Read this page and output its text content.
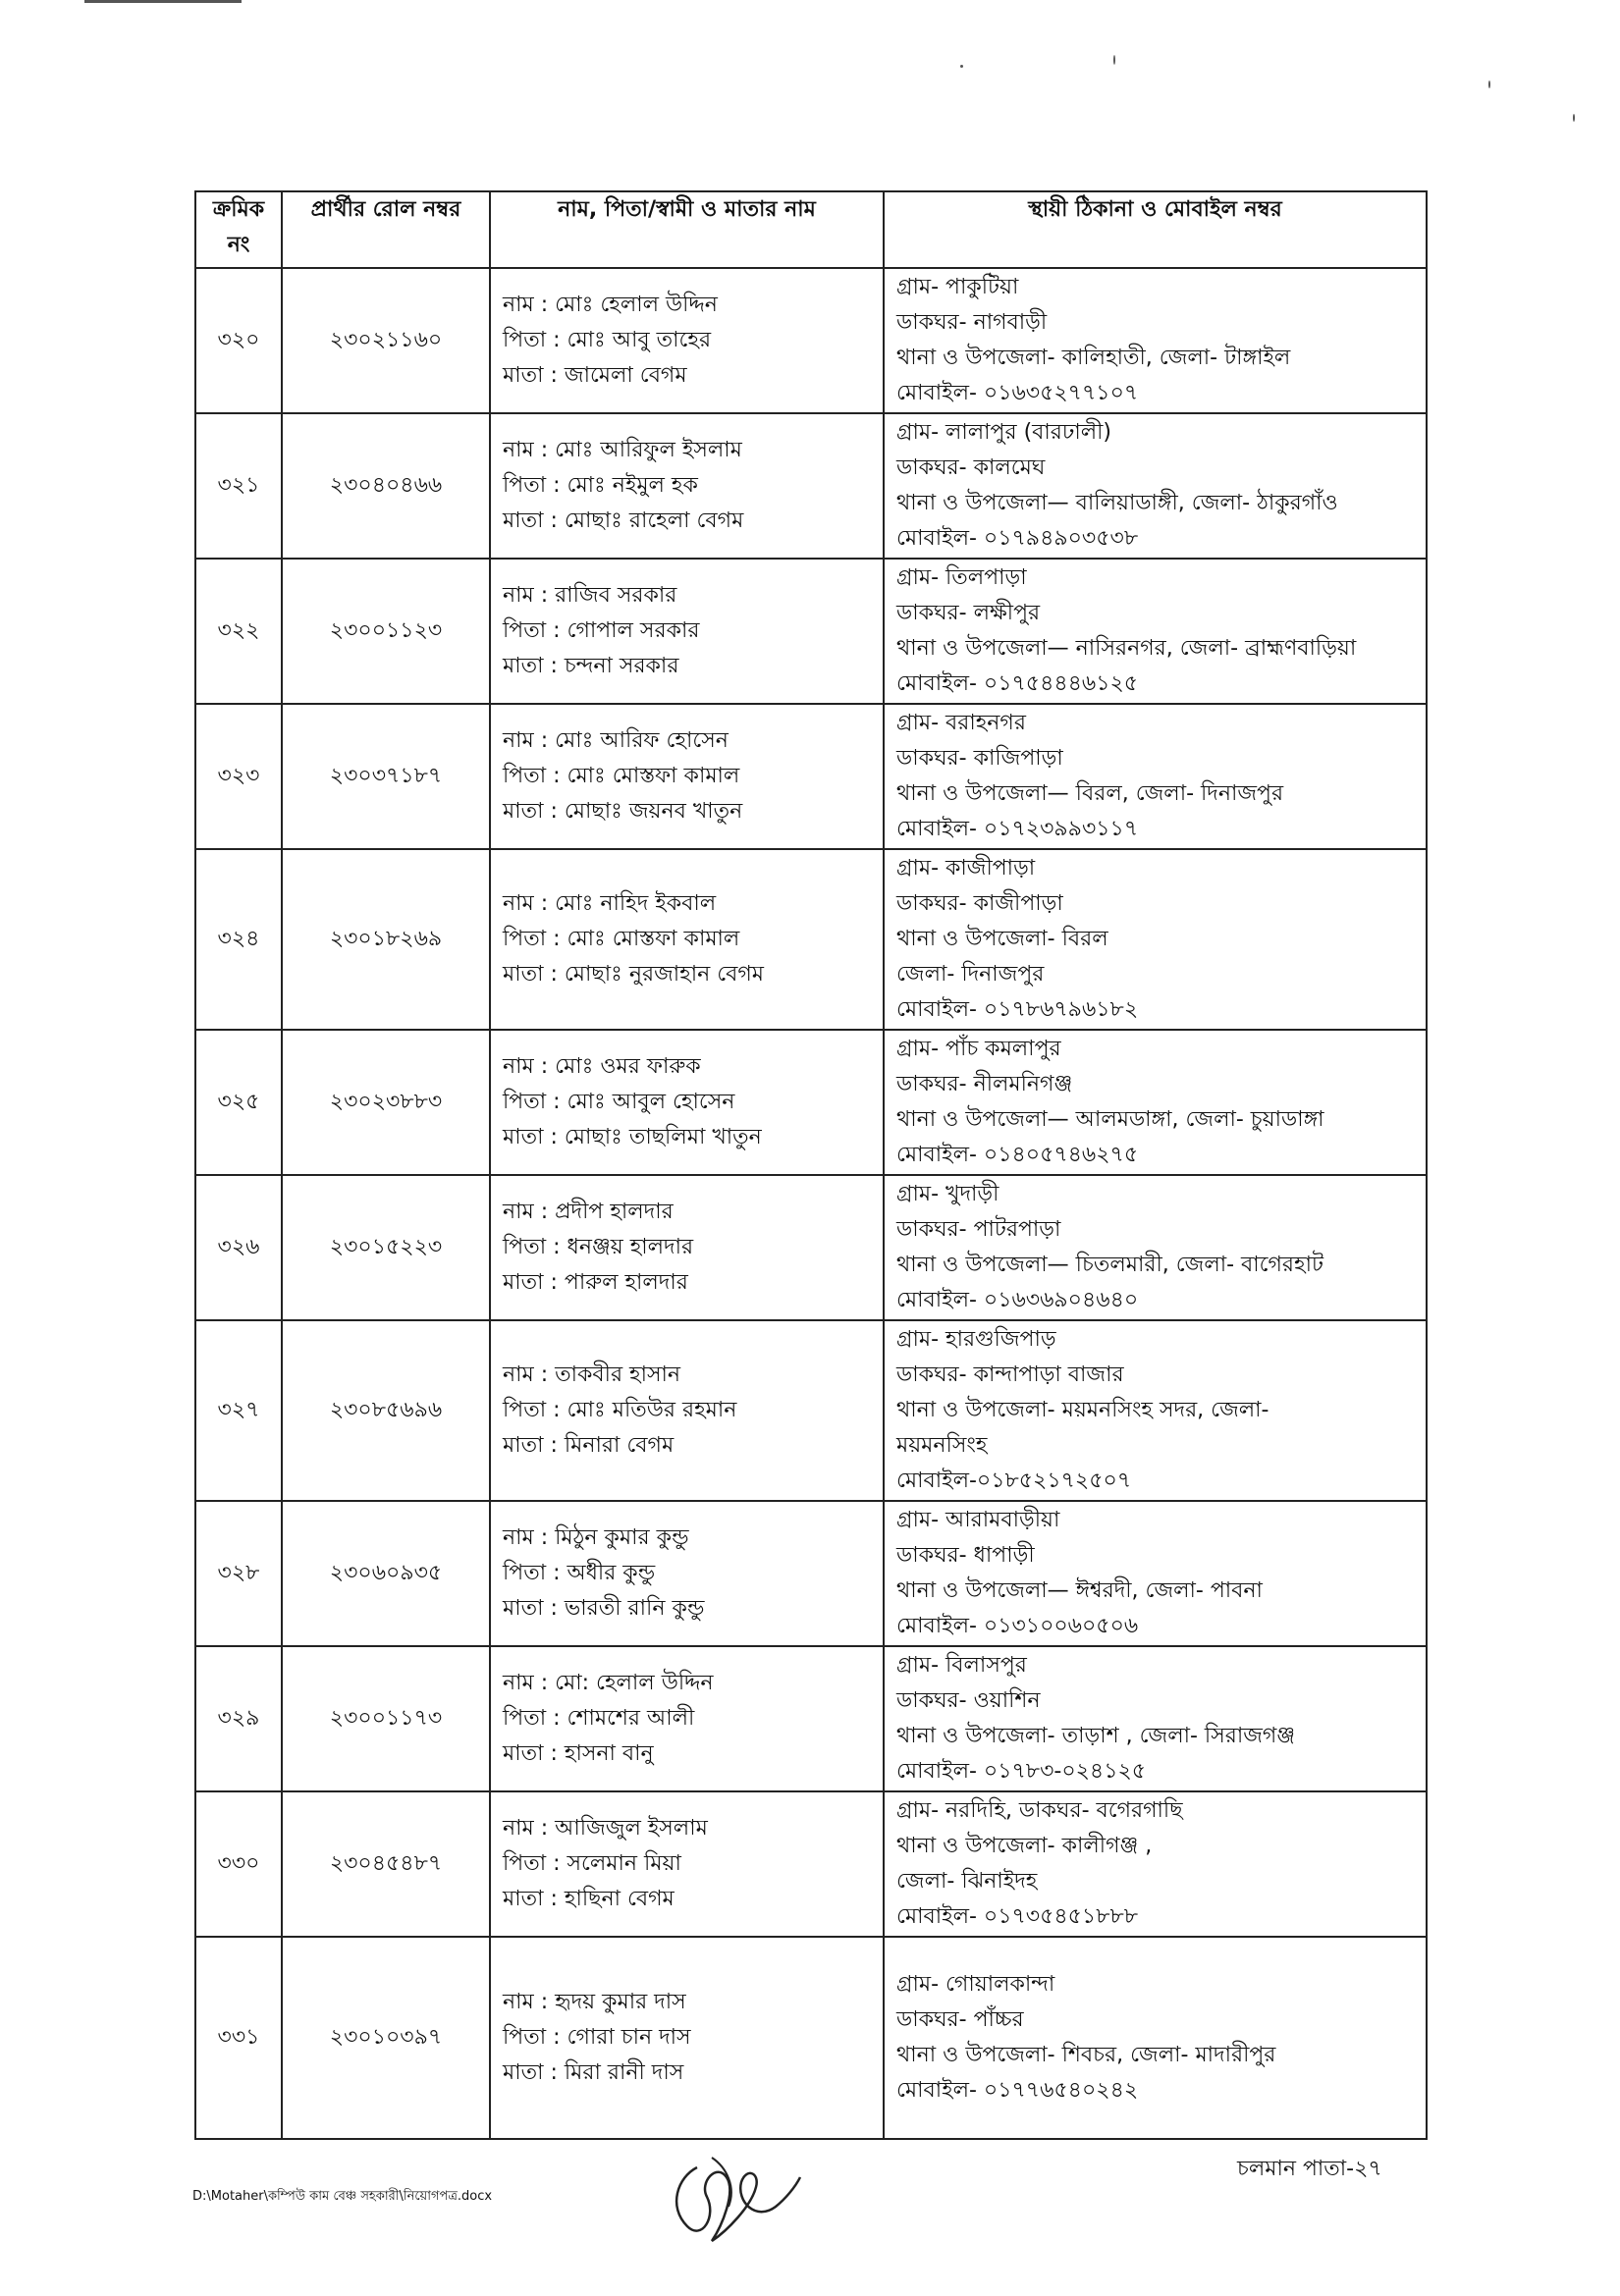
ক্রমিক
নং	প্রার্থীর রোল নম্বর	নাম, পিতা/স্বামী ও মাতার নাম	স্থায়ী ঠিকানা ও মোবাইল নম্বর
৩২০	২৩০২১১৬০	নাম : মোঃ হেলাল উদ্দিন
পিতা : মোঃ আবু তাহের
মাতা : জামেলা বেগম	গ্রাম- পাকুটিয়া
ডাকঘর- নাগবাড়ী
থানা ও উপজেলা- কালিহাতী, জেলা- টাঙ্গাইল
মোবাইল- ০১৬৩৫২৭৭১০৭

৩২১	২৩০৪০৪৬৬	নাম : মোঃ আরিফুল ইসলাম
পিতা : মোঃ নইমুল হক
মাতা : মোছাঃ রাহেলা বেগম	গ্রাম- লালাপুর (বারঢালী)
ডাকঘর- কালমেঘ
থানা ও উপজেলা— বালিয়াডাঙ্গী, জেলা- ঠাকুরগাঁও
মোবাইল- ০১৭৯৪৯০৩৫৩৮

৩২২	২৩০০১১২৩	নাম : রাজিব সরকার
পিতা : গোপাল সরকার
মাতা : চন্দনা সরকার	গ্রাম- তিলপাড়া
ডাকঘর- লক্ষীপুর
থানা ও উপজেলা— নাসিরনগর, জেলা- ব্রাহ্মণবাড়িয়া
মোবাইল- ০১৭৫৪৪৪৬১২৫

৩২৩	২৩০৩৭১৮৭	নাম : মোঃ আরিফ হোসেন
পিতা : মোঃ মোস্তফা কামাল
মাতা : মোছাঃ জয়নব খাতুন	গ্রাম- বরাহনগর
ডাকঘর- কাজিপাড়া
থানা ও উপজেলা— বিরল, জেলা- দিনাজপুর
মোবাইল- ০১৭২৩৯৯৩১১৭

৩২৪	২৩০১৮২৬৯	নাম : মোঃ নাহিদ ইকবাল
পিতা : মোঃ মোস্তফা কামাল
মাতা : মোছাঃ নুরজাহান বেগম	গ্রাম- কাজীপাড়া
ডাকঘর- কাজীপাড়া
থানা ও উপজেলা- বিরল
জেলা- দিনাজপুর
মোবাইল- ০১৭৮৬৭৯৬১৮২

৩২৫	২৩০২৩৮৮৩	নাম : মোঃ ওমর ফারুক
পিতা : মোঃ আবুল হোসেন
মাতা : মোছাঃ তাছলিমা খাতুন	গ্রাম- পাঁচ কমলাপুর
ডাকঘর- নীলমনিগঞ্জ
থানা ও উপজেলা— আলমডাঙ্গা, জেলা- চুয়াডাঙ্গা
মোবাইল- ০১৪০৫৭৪৬২৭৫

৩২৬	২৩০১৫২২৩	নাম : প্রদীপ হালদার
পিতা : ধনঞ্জয় হালদার
মাতা : পারুল হালদার	গ্রাম- খুদাড়ী
ডাকঘর- পাটরপাড়া
থানা ও উপজেলা— চিতলমারী, জেলা- বাগেরহাট
মোবাইল- ০১৬৩৬৯০৪৬৪০

৩২৭	২৩০৮৫৬৯৬	নাম : তাকবীর হাসান
পিতা : মোঃ মতিউর রহমান
মাতা : মিনারা বেগম	গ্রাম- হারগুজিপাড়
ডাকঘর- কান্দাপাড়া বাজার
থানা ও উপজেলা- ময়মনসিংহ সদর, জেলা-
ময়মনসিংহ
মোবাইল-০১৮৫২১৭২৫০৭

৩২৮	২৩০৬০৯৩৫	নাম : মিঠুন কুমার কুন্ডু
পিতা : অধীর কুন্ডু
মাতা : ভারতী রানি কুন্ডু	গ্রাম- আরামবাড়ীয়া
ডাকঘর- ধাপাড়ী
থানা ও উপজেলা— ঈশ্বরদী, জেলা- পাবনা
মোবাইল- ০১৩১০০৬০৫০৬

৩২৯	২৩০০১১৭৩	নাম : মো: হেলাল উদ্দিন
পিতা : শোমশের আলী
মাতা : হাসনা বানু	গ্রাম- বিলাসপুর
ডাকঘর- ওয়াশিন
থানা ও উপজেলা- তাড়াশ , জেলা- সিরাজগঞ্জ
মোবাইল- ০১৭৮৩-০২৪১২৫

৩৩০	২৩০৪৫৪৮৭	নাম : আজিজুল ইসলাম
পিতা : সলেমান মিয়া
মাতা : হাছিনা বেগম	গ্রাম- নরদিহি, ডাকঘর- বগেরগাছি
থানা ও উপজেলা- কালীগঞ্জ ,
জেলা- ঝিনাইদহ
মোবাইল- ০১৭৩৫৪৫১৮৮৮

৩৩১	২৩০১০৩৯৭	নাম : হৃদয় কুমার দাস
পিতা : গোরা চান দাস
মাতা : মিরা রানী দাস	গ্রাম- গোয়ালকান্দা
ডাকঘর- পাঁচ্চর
থানা ও উপজেলা- শিবচর, জেলা- মাদারীপুর
মোবাইল- ০১৭৭৬৫৪০২৪২
D:\Motaher\কম্পিউ কাম বেঞ্চ সহকারী\নিয়োগপত্র.docx
চলমান পাতা-২৭
